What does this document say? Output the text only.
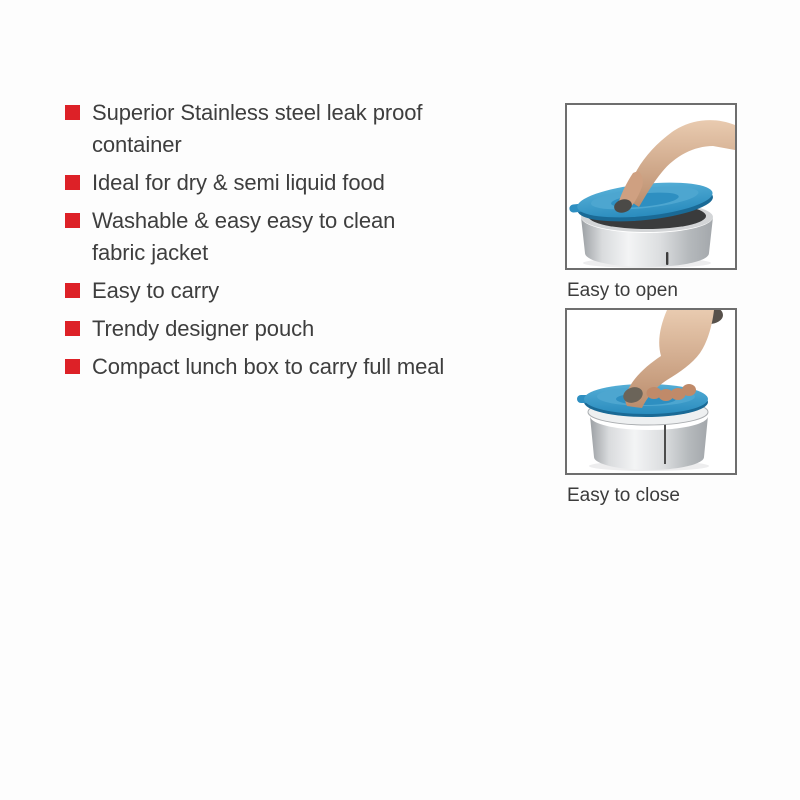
Superior Stainless steel leak proof
container
Ideal for dry & semi liquid food
Washable & easy easy to clean
fabric jacket
Easy to carry
Trendy designer pouch
Compact lunch box to carry full meal
Easy to open
Easy to close
